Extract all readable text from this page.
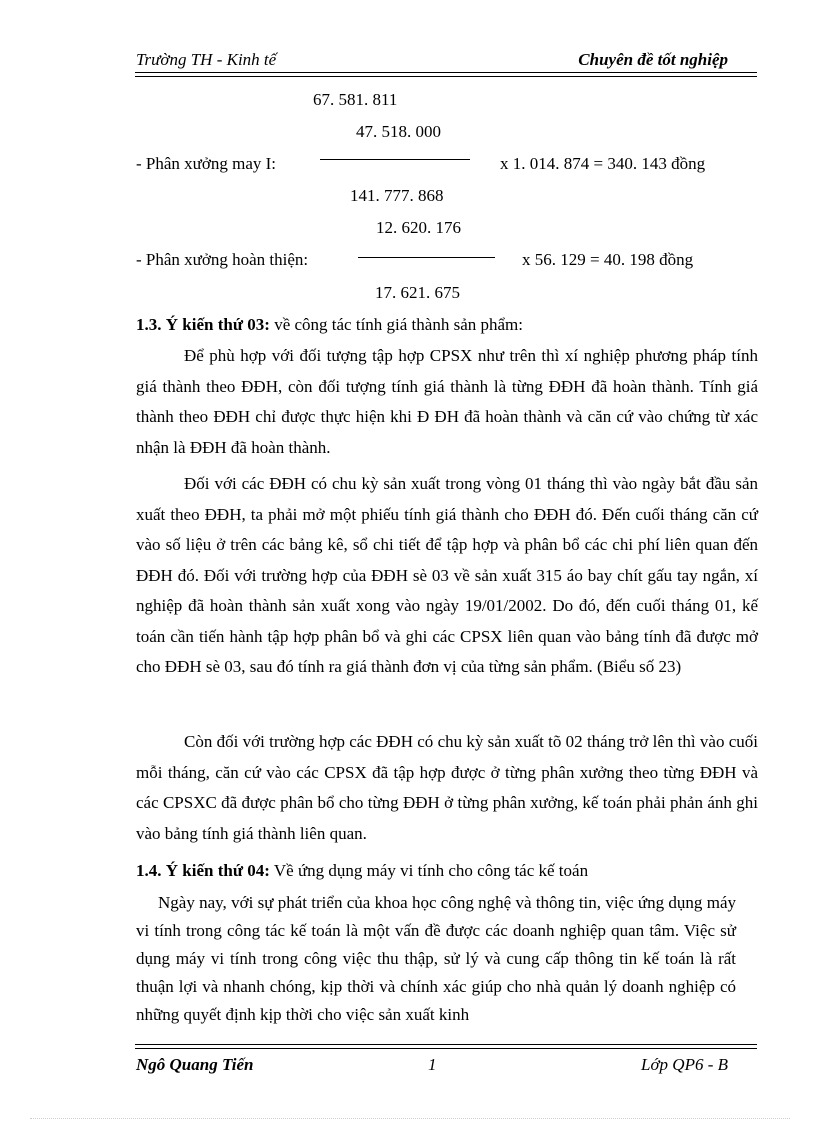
Trường TH - Kinh tế	Chuyên đề tốt nghiệp
67. 581. 811
47. 518. 000
- Phân xưởng may I:	x 1. 014. 874 = 340. 143 đồng
141. 777. 868
12. 620. 176
- Phân xưởng hoàn thiện:	x 56. 129 = 40. 198 đồng
17. 621. 675
1.3. Ý kiến thứ 03: về công tác tính giá thành sản phẩm:
Để phù hợp với đối tượng tập hợp CPSX như trên thì xí nghiệp phương pháp tính giá thành theo ĐĐH, còn đối tượng tính giá thành là từng ĐĐH đã hoàn thành. Tính giá thành theo ĐĐH chỉ được thực hiện khi Đ ĐH đã hoàn thành và căn cứ vào chứng từ xác nhận là ĐĐH đã hoàn thành.
Đối với các ĐĐH có chu kỳ sản xuất trong vòng 01 tháng thì vào ngày bắt đầu sản xuất theo ĐĐH, ta phải mở một phiếu tính giá thành cho ĐĐH đó. Đến cuối tháng căn cứ vào số liệu ở trên các bảng kê, sổ chi tiết để tập hợp và phân bổ các chi phí liên quan đến ĐĐH đó. Đối với trường hợp của ĐĐH sè 03 về sản xuất 315 áo bay chít gấu tay ngắn, xí nghiệp đã hoàn thành sản xuất xong vào ngày 19/01/2002. Do đó, đến cuối tháng 01, kế toán cần tiến hành tập hợp phân bổ và ghi các CPSX liên quan vào bảng tính đã được mở cho ĐĐH sè 03, sau đó tính ra giá thành đơn vị của từng sản phẩm. (Biểu số 23)
Còn đối với trường hợp các ĐĐH có chu kỳ sản xuất tõ 02 tháng trở lên thì vào cuối mỗi tháng, căn cứ vào các CPSX đã tập hợp được ở từng phân xưởng theo từng ĐĐH và các CPSXC đã được phân bổ cho từng ĐĐH ở từng phân xưởng, kế toán phải phản ánh ghi vào bảng tính giá thành liên quan.
1.4. Ý kiến thứ 04: Về ứng dụng máy vi tính cho công tác kế toán
Ngày nay, với sự phát triển của khoa học công nghệ và thông tin, việc ứng dụng máy vi tính trong công tác kế toán là một vấn đề được các doanh nghiệp quan tâm. Việc sử dụng máy vi tính trong công việc thu thập, sử lý và cung cấp thông tin kế toán là rất thuận lợi và nhanh chóng, kịp thời và chính xác giúp cho nhà quản lý doanh nghiệp có những quyết định kịp thời cho việc sản xuất kinh
Ngô Quang Tiến	1	Lớp QP6 - B
